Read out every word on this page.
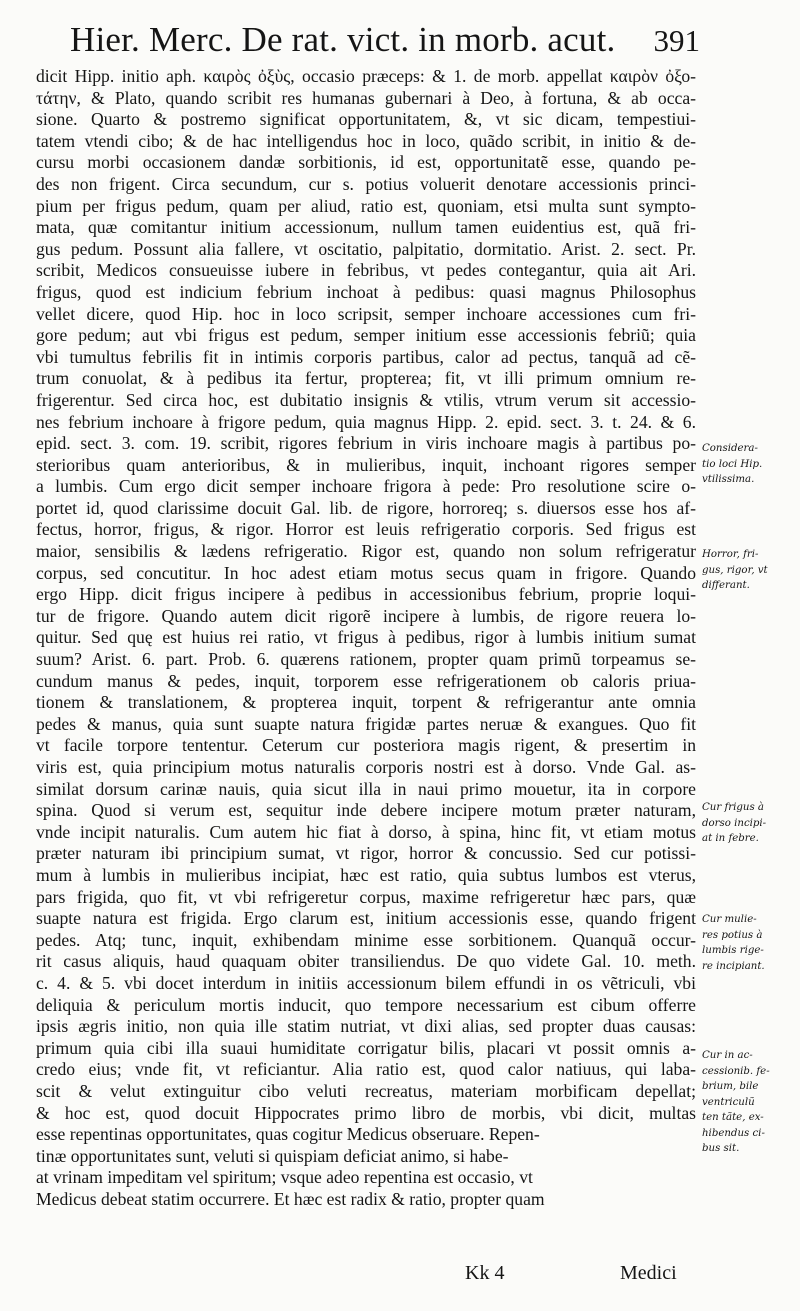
Hier. Merc. De rat. vict. in morb. acut. 391
dicit Hipp. initio aph. καιρὸς ὀξὺς, occasio præceps: & 1. de morb. appellat καιρὸν ὀξο-
τάτην, & Plato, quando scribit res humanas gubernari à Deo, à fortuna, & ab occa-
sione. Quarto & postremo significat opportunitatem, &, vt sic dicam, tempestiui-
tatem vtendi cibo; & de hac intelligendus hoc in loco, quãdo scribit, in initio & de-
cursu morbi occasionem dandæ sorbitionis, id est, opportunitatẽ esse, quando pe-
des non frigent. Circa secundum, cur s. potius voluerit denotare accessionis princi-
pium per frigus pedum, quam per aliud, ratio est, quoniam, etsi multa sunt sympto-
mata, quæ comitantur initium accessionum, nullum tamen euidentius est, quã fri-
gus pedum. Possunt alia fallere, vt oscitatio, palpitatio, dormitatio. Arist. 2. sect. Pr.
scribit, Medicos consueuisse iubere in febribus, vt pedes contegantur, quia ait Ari.
frigus, quod est indicium febrium inchoat à pedibus: quasi magnus Philosophus
vellet dicere, quod Hip. hoc in loco scripsit, semper inchoare accessiones cum fri-
gore pedum; aut vbi frigus est pedum, semper initium esse accessionis febriũ; quia
vbi tumultus febrilis fit in intimis corporis partibus, calor ad pectus, tanquã ad cẽ-
trum conuolat, & à pedibus ita fertur, propterea; fit, vt illi primum omnium re-
frigerentur. Sed circa hoc, est dubitatio insignis & vtilis, vtrum verum sit accessio-
nes febrium inchoare à frigore pedum, quia magnus Hipp. 2. epid. sect. 3. t. 24. & 6.
epid. sect. 3. com. 19. scribit, rigores febrium in viris inchoare magis à partibus po-
sterioribus quam anterioribus, & in mulieribus, inquit, inchoant rigores semper
a lumbis. Cum ergo dicit semper inchoare frigora à pede: Pro resolutione scire o-
portet id, quod clarissime docuit Gal. lib. de rigore, horroreq; s. diuersos esse hos af-
fectus, horror, frigus, & rigor. Horror est leuis refrigeratio corporis. Sed frigus est
maior, sensibilis & lædens refrigeratio. Rigor est, quando non solum refrigeratur
corpus, sed concutitur. In hoc adest etiam motus secus quam in frigore. Quando
ergo Hipp. dicit frigus incipere à pedibus in accessionibus febrium, proprie loqui-
tur de frigore. Quando autem dicit rigorẽ incipere à lumbis, de rigore reuera lo-
quitur. Sed quę est huius rei ratio, vt frigus à pedibus, rigor à lumbis initium sumat
suum? Arist. 6. part. Prob. 6. quærens rationem, propter quam primũ torpeamus se-
cundum manus & pedes, inquit, torporem esse refrigerationem ob caloris priua-
tionem & translationem, & propterea inquit, torpent & refrigerantur ante omnia
pedes & manus, quia sunt suapte natura frigidæ partes neruæ & exangues. Quo fit
vt facile torpore tententur. Ceterum cur posteriora magis rigent, & presertim in
viris est, quia principium motus naturalis corporis nostri est à dorso. Vnde Gal. as-
similat dorsum carinæ nauis, quia sicut illa in naui primo mouetur, ita in corpore
spina. Quod si verum est, sequitur inde debere incipere motum præter naturam,
vnde incipit naturalis. Cum autem hic fiat à dorso, à spina, hinc fit, vt etiam motus
præter naturam ibi principium sumat, vt rigor, horror & concussio. Sed cur potissi-
mum à lumbis in mulieribus incipiat, hæc est ratio, quia subtus lumbos est vterus,
pars frigida, quo fit, vt vbi refrigeretur corpus, maxime refrigeretur hæc pars, quæ
suapte natura est frigida. Ergo clarum est, initium accessionis esse, quando frigent
pedes. Atq; tunc, inquit, exhibendam minime esse sorbitionem. Quanquã occur-
rit casus aliquis, haud quaquam obiter transiliendus. De quo videte Gal. 10. meth.
c. 4. & 5. vbi docet interdum in initiis accessionum bilem effundi in os vẽtriculi, vbi
deliquia & periculum mortis inducit, quo tempore necessarium est cibum offerre
ipsis ægris initio, non quia ille statim nutriat, vt dixi alias, sed propter duas causas:
primum quia cibi illa suaui humiditate corrigatur bilis, placari vt possit omnis a-
credo eius; vnde fit, vt reficiantur. Alia ratio est, quod calor natiuus, qui laba-
scit & velut extinguitur cibo veluti recreatus, materiam morbificam depellat;
& hoc est, quod docuit Hippocrates primo libro de morbis, vbi dicit, multas
esse repentinas opportunitates, quas cogitur Medicus obseruare. Repen-
tinæ opportunitates sunt, veluti si quispiam deficiat animo, si habe-
at vrinam impeditam vel spiritum; vsque adeo repentina est occasio, vt
Medicus debeat statim occurrere. Et hæc est radix & ratio, propter quam
Considera-
tio loci Hip.
vtilissima.
Horror, fri-
gus, rigor, vt
differant.
Cur frigus à
dorso incipi-
at in febre.
Cur mulie-
res potius à
lumbis rige-
re incipiant.
Cur in ac-
cessionib. fe-
brium, bile
ventriculũ
ten tãte, ex-
hibendus ci-
bus sit.
Kk 4	Medici
